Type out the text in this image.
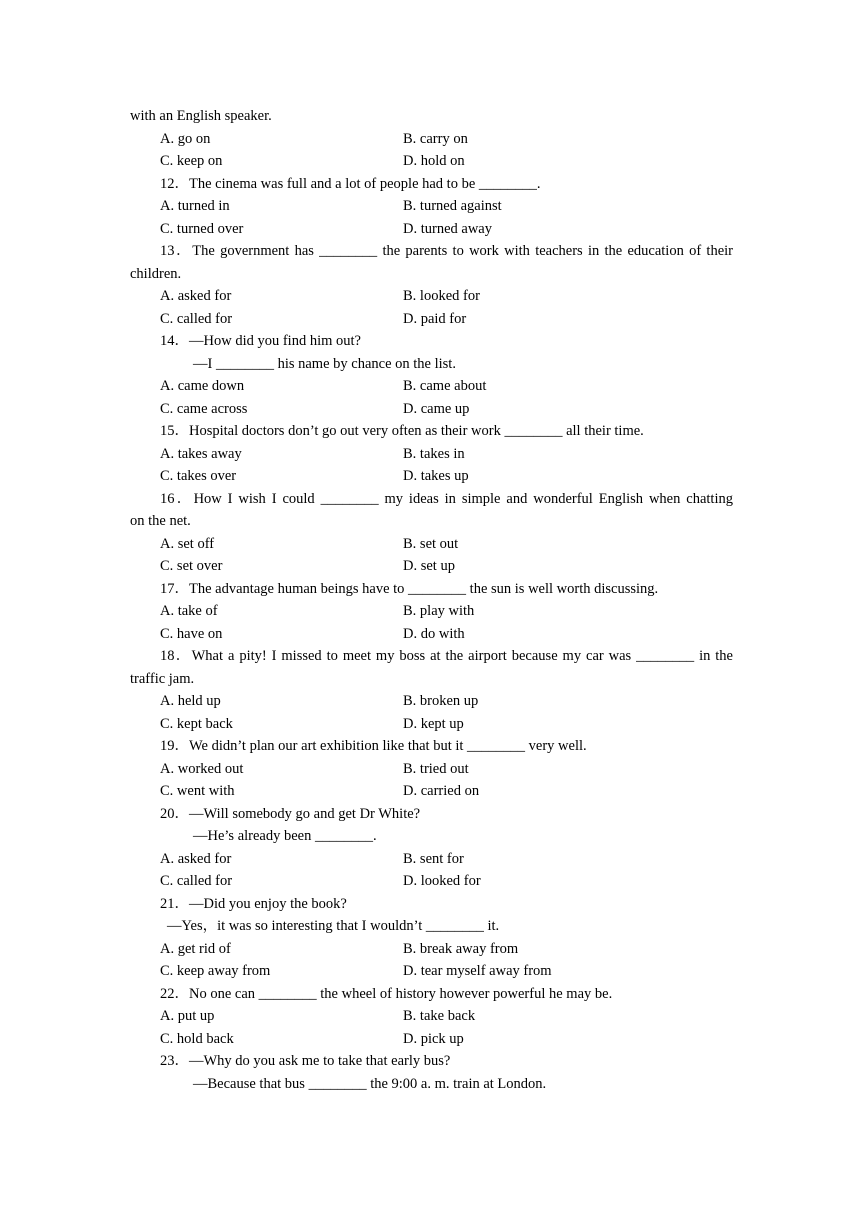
with an English speaker.
A. go on	B. carry on
C. keep on	D. hold on
12．The cinema was full and a lot of people had to be ________.
A. turned in	B. turned against
C. turned over	D. turned away
13．The government has ________ the parents to work with teachers in the education of their
children.
A. asked for	B. looked for
C. called for	D. paid for
14．—How did you find him out?
—I ________ his name by chance on the list.
A. came down	B. came about
C. came across	D. came up
15．Hospital doctors don’t go out very often as their work ________ all their time.
A. takes away	B. takes in
C. takes over	D. takes up
16．How I wish I could ________ my ideas in simple and wonderful English when chatting
on the net.
A. set off	B. set out
C. set over	D. set up
17．The advantage human beings have to ________ the sun is well worth discussing.
A. take of	B. play with
C. have on	D. do with
18．What a pity! I missed to meet my boss at the airport because my car was ________ in the
traffic jam.
A. held up	B. broken up
C. kept back	D. kept up
19．We didn’t plan our art exhibition like that but it ________ very well.
A. worked out	B. tried out
C. went with	D. carried on
20．—Will somebody go and get Dr White?
—He’s already been ________.
A. asked for	B. sent for
C. called for	D. looked for
21．—Did you enjoy the book?
—Yes，it was so interesting that I wouldn’t ________ it.
A. get rid of	B. break away from
C. keep away from	D. tear myself away from
22．No one can ________ the wheel of history however powerful he may be.
A. put up	B. take back
C. hold back	D. pick up
23．—Why do you ask me to take that early bus?
—Because that bus ________ the 9:00 a. m. train at London.
